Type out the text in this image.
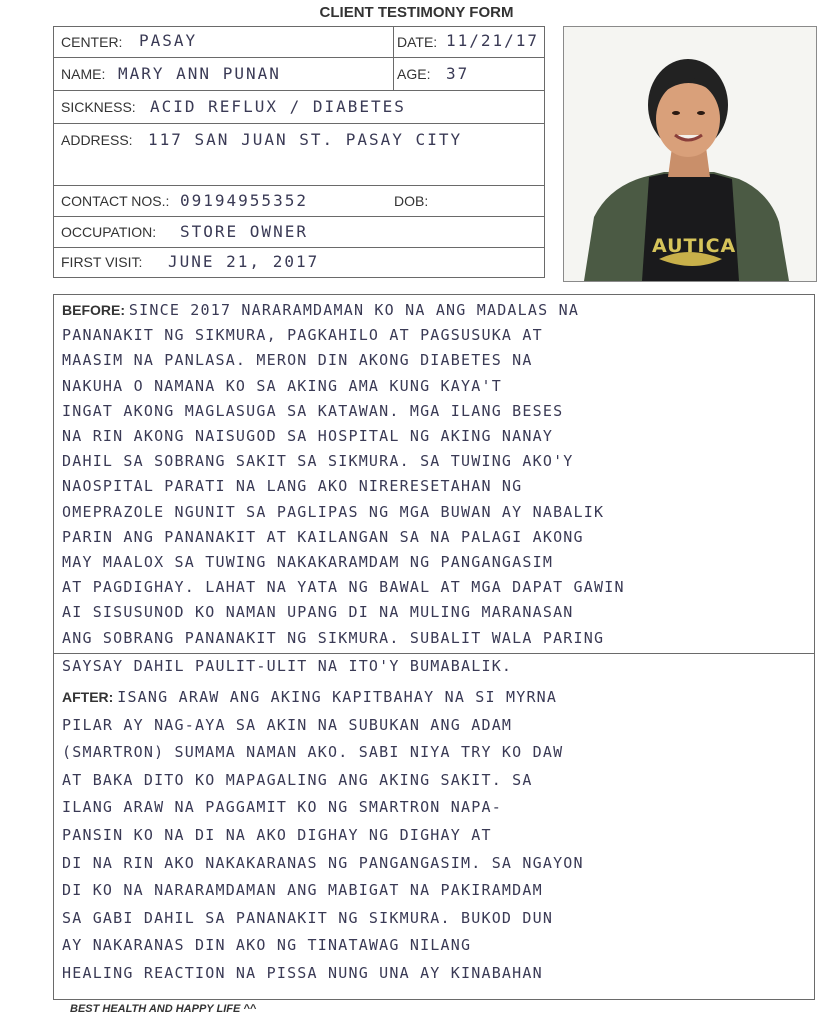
CLIENT TESTIMONY FORM
CENTER: PASAY	DATE: 11/21/17
NAME: MARY ANN PUNAN	AGE: 37
SICKNESS: ACID REFLUX / DIABETES
ADDRESS: 117 SAN JUAN ST. PASAY CITY
CONTACT NOS.: 09194955352	DOB:
OCCUPATION: STORE OWNER
FIRST VISIT: JUNE 21, 2017
AUTICA
BEFORE: SINCE 2017 NARARAMDAMAN KO NA ANG MADALAS NA
PANANAKIT NG SIKMURA, PAGKAHILO AT PAGSUSUKA AT
MAASIM NA PANLASA. MERON DIN AKONG DIABETES NA
NAKUHA O NAMANA KO SA AKING AMA KUNG KAYA'T
INGAT AKONG MAGLASUGA SA KATAWAN. MGA ILANG BESES
NA RIN AKONG NAISUGOD SA HOSPITAL NG AKING NANAY
DAHIL SA SOBRANG SAKIT SA SIKMURA. SA TUWING AKO'Y
NAOSPITAL PARATI NA LANG AKO NIRERESETAHAN NG
OMEPRAZOLE NGUNIT SA PAGLIPAS NG MGA BUWAN AY NABALIK
PARIN ANG PANANAKIT AT KAILANGAN SA NA PALAGI AKONG
MAY MAALOX SA TUWING NAKAKARAMDAM NG PANGANGASIM
AT PAGDIGHAY. LAHAT NA YATA NG BAWAL AT MGA DAPAT GAWIN
AI SISUSUNOD KO NAMAN UPANG DI NA MULING MARANASAN
ANG SOBRANG PANANAKIT NG SIKMURA. SUBALIT WALA PARING
SAYSAY DAHIL PAULIT-ULIT NA ITO'Y BUMABALIK.
AFTER: ISANG ARAW ANG AKING KAPITBAHAY NA SI MYRNA
PILAR AY NAG-AYA SA AKIN NA SUBUKAN ANG ADAM
(SMARTRON) SUMAMA NAMAN AKO. SABI NIYA TRY KO DAW
AT BAKA DITO KO MAPAGALING ANG AKING SAKIT. SA
ILANG ARAW NA PAGGAMIT KO NG SMARTRON NAPA-
PANSIN KO NA DI NA AKO DIGHAY NG DIGHAY AT
DI NA RIN AKO NAKAKARANAS NG PANGANGASIM. SA NGAYON
DI KO NA NARARAMDAMAN ANG MABIGAT NA PAKIRAMDAM
SA GABI DAHIL SA PANANAKIT NG SIKMURA. BUKOD DUN
AY NAKARANAS DIN AKO NG TINATAWAG NILANG
HEALING REACTION NA PISSA NUNG UNA AY KINABAHAN
BEST HEALTH AND HAPPY LIFE ^^
